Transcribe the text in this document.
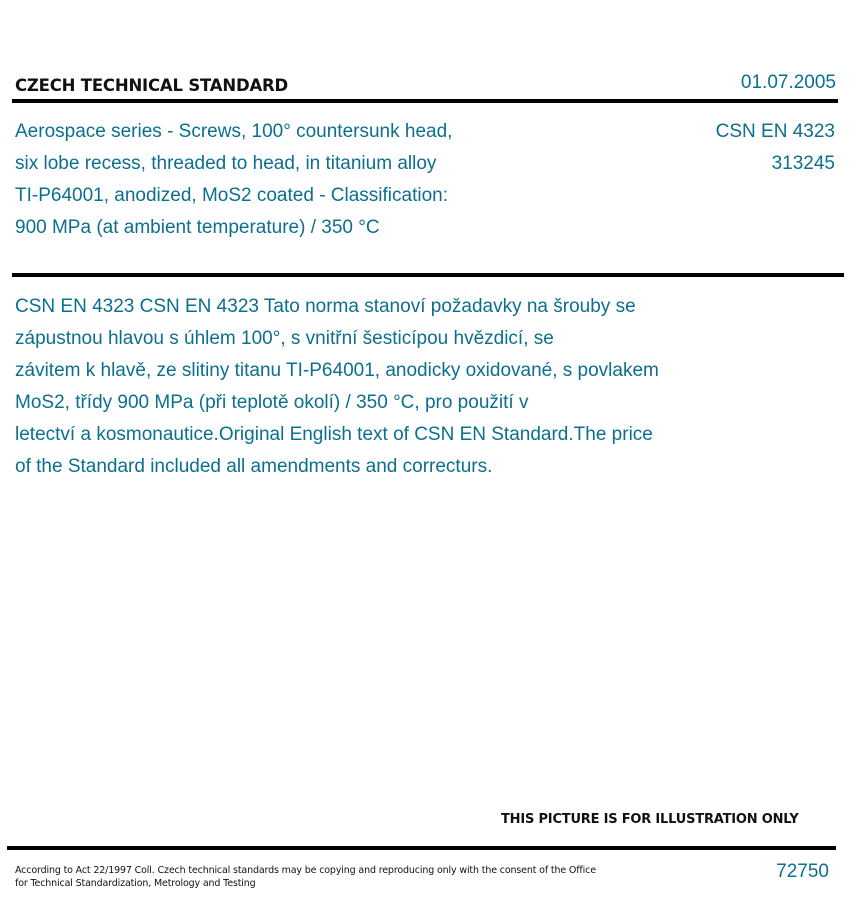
CZECH TECHNICAL STANDARD	01.07.2005
Aerospace series - Screws, 100° countersunk head,
six lobe recess, threaded to head, in titanium alloy
TI-P64001, anodized, MoS2 coated - Classification:
900 MPa (at ambient temperature) / 350 °C
CSN EN 4323
313245
CSN EN 4323 CSN EN 4323 Tato norma stanoví požadavky na šrouby se
zápustnou hlavou s úhlem 100°, s vnitřní šesticípou hvězdicí, se
závitem k hlavě, ze slitiny titanu TI-P64001, anodicky oxidované, s povlakem
MoS2, třídy 900 MPa (při teplotě okolí) / 350 °C, pro použití v
letectví a kosmonautice.Original English text of CSN EN Standard.The price
of the Standard included all amendments and correcturs.
THIS PICTURE IS FOR ILLUSTRATION ONLY
According to Act 22/1997 Coll. Czech technical standards may be copying and reproducing only with the consent of the Office
for Technical Standardization, Metrology and Testing
72750
